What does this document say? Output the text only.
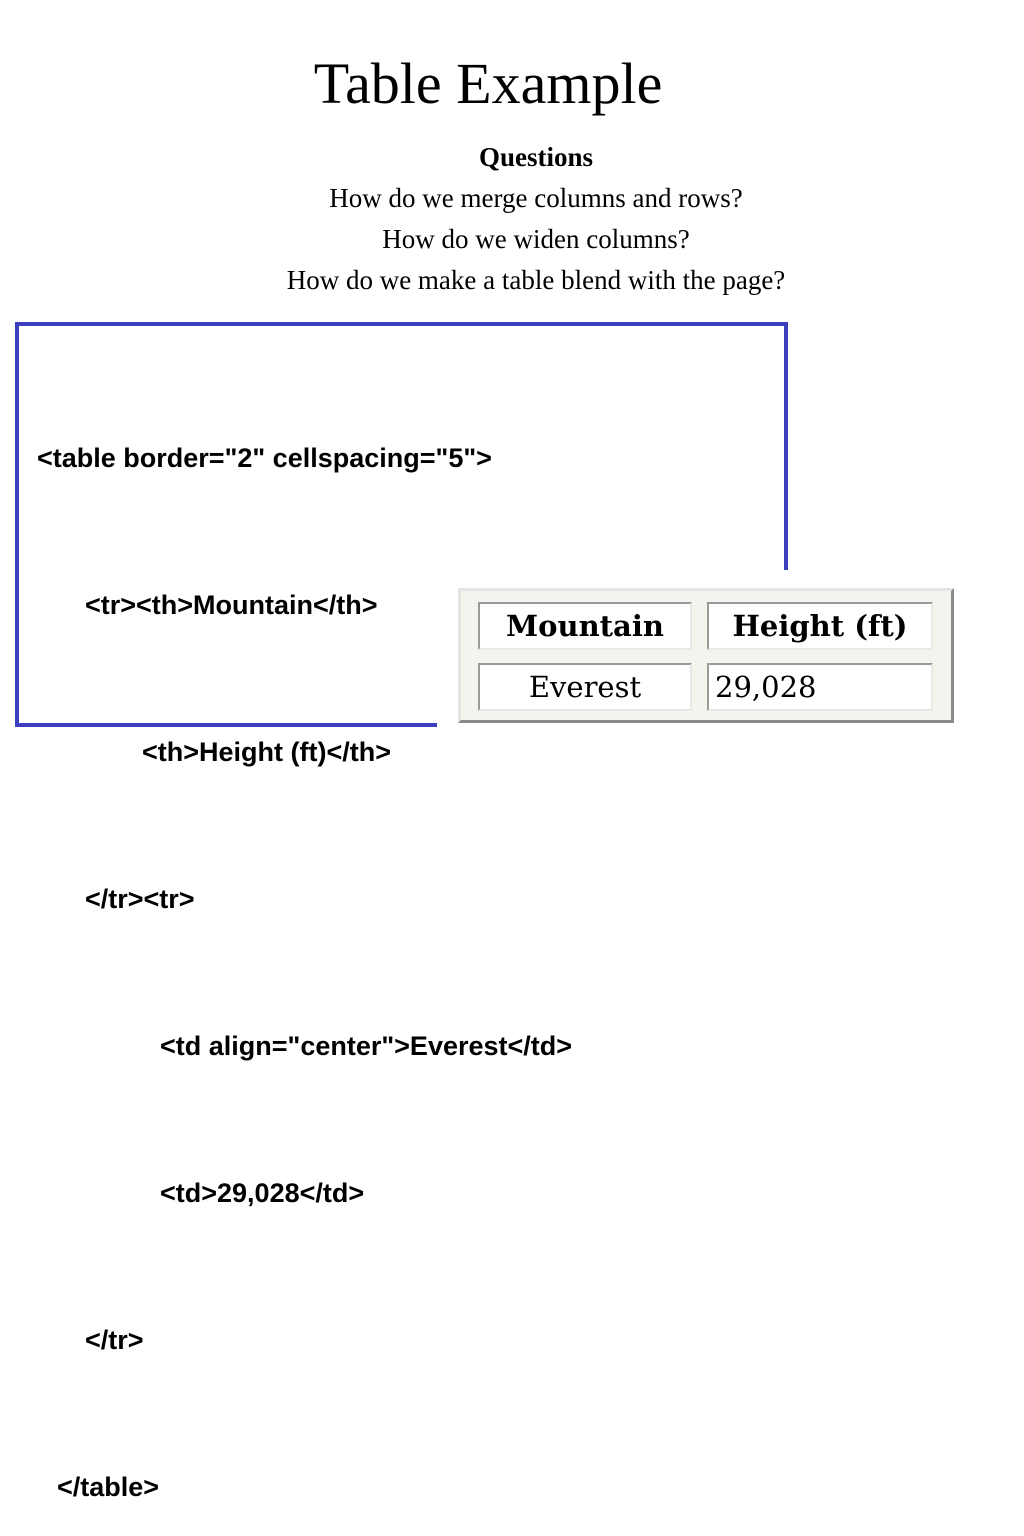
Table Example
Questions
How do we merge columns and rows?
How do we widen columns?
How do we make a table blend with the page?

<table border="2" cellspacing="5">

<tr><th>Mountain</th>

<th>Height (ft)</th>

</tr><tr>

<td align="center">Everest</td>

<td>29,028</td>

</tr>

</table>

Mountain	Height (ft)
Everest	29,028
